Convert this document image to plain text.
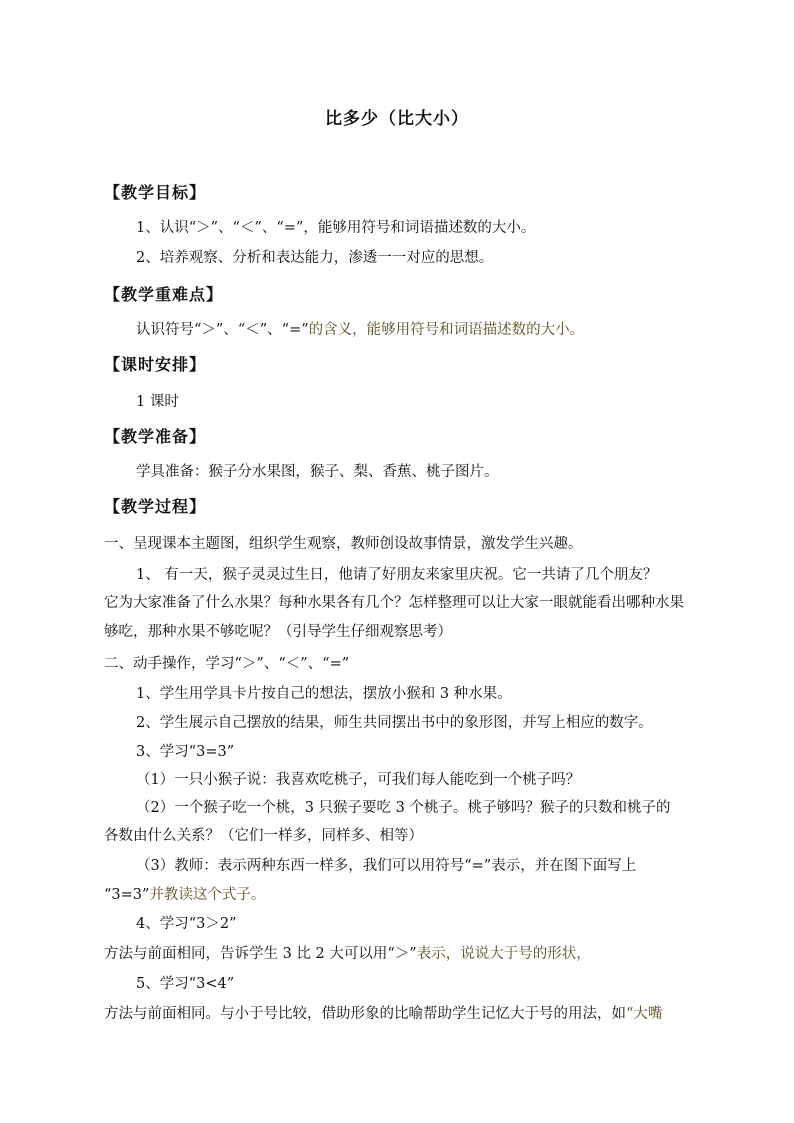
比多少（比大小）
【教学目标】
1、认识“＞”、“＜”、“=”，能够用符号和词语描述数的大小。
2、培养观察、分析和表达能力，渗透一一对应的思想。
【教学重难点】
认识符号“＞”、“＜”、“=”的含义，能够用符号和词语描述数的大小。
【课时安排】
1 课时
【教学准备】
学具准备：猴子分水果图，猴子、梨、香蕉、桃子图片。
【教学过程】
一、呈现课本主题图，组织学生观察，教师创设故事情景，激发学生兴趣。
1、 有一天，猴子灵灵过生日，他请了好朋友来家里庆祝。它一共请了几个朋友？
它为大家准备了什么水果？每种水果各有几个？怎样整理可以让大家一眼就能看出哪种水果
够吃，那种水果不够吃呢？（引导学生仔细观察思考）
二、动手操作，学习“＞”、“＜”、“=”
1、学生用学具卡片按自己的想法，摆放小猴和 3 种水果。
2、学生展示自己摆放的结果，师生共同摆出书中的象形图，并写上相应的数字。
3、学习“3=3”
（1）一只小猴子说：我喜欢吃桃子，可我们每人能吃到一个桃子吗？
（2）一个猴子吃一个桃，3 只猴子要吃 3 个桃子。桃子够吗？猴子的只数和桃子的
各数由什么关系？（它们一样多，同样多、相等）
（3）教师：表示两种东西一样多，我们可以用符号“=”表示，并在图下面写上
“3=3”并教读这个式子。
4、学习“3＞2”
方法与前面相同，告诉学生 3 比 2 大可以用“＞”表示，说说大于号的形状，
5、学习“3<4”
方法与前面相同。与小于号比较，借助形象的比喻帮助学生记忆大于号的用法，如“大嘴
